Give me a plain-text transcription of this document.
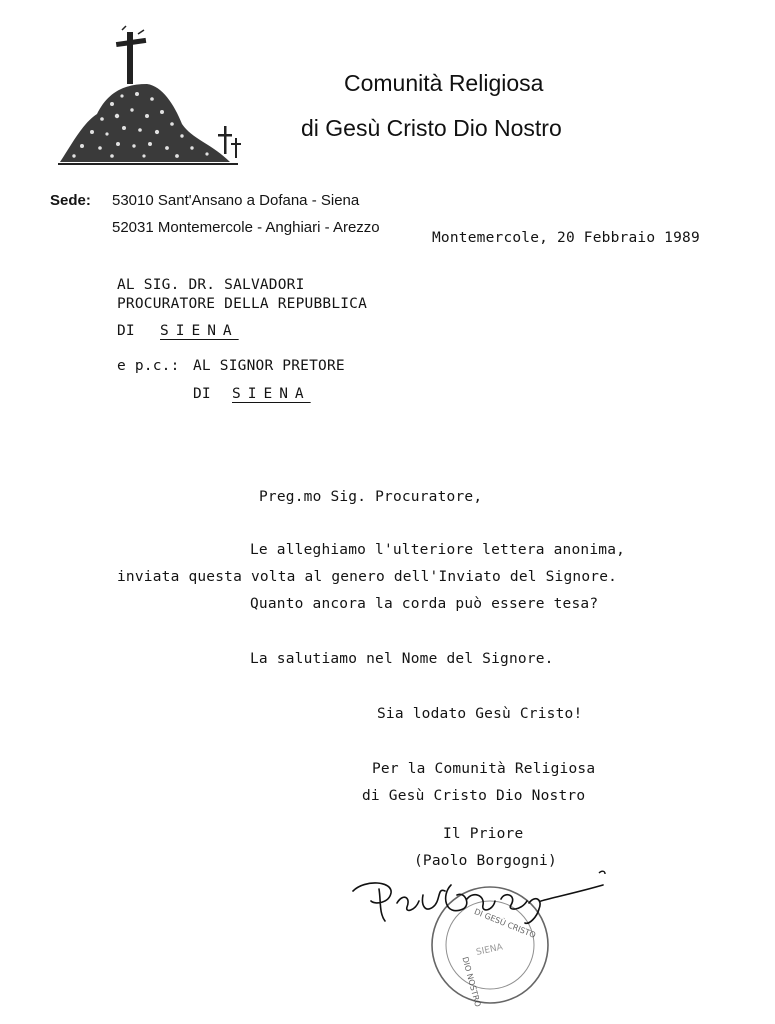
Comunità Religiosa
di Gesù Cristo Dio Nostro
Sede: 53010 Sant'Ansano a Dofana - Siena
52031 Montemercole - Anghiari - Arezzo
Montemercole, 20 Febbraio 1989
AL SIG. DR. SALVADORI
PROCURATORE DELLA REPUBBLICA
DI SIENA
e p.c.: AL SIGNOR PRETORE
DI SIENA
Preg.mo Sig. Procuratore,
Le alleghiamo l'ulteriore lettera anonima,
inviata questa volta al genero dell'Inviato del Signore.
Quanto ancora la corda può essere tesa?
La salutiamo nel Nome del Signore.
Sia lodato Gesù Cristo!
Per la Comunità Religiosa
di Gesù Cristo Dio Nostro
Il Priore
(Paolo Borgogni)
DI GESÙ CRISTO
DIO NOSTRO
SIENA
